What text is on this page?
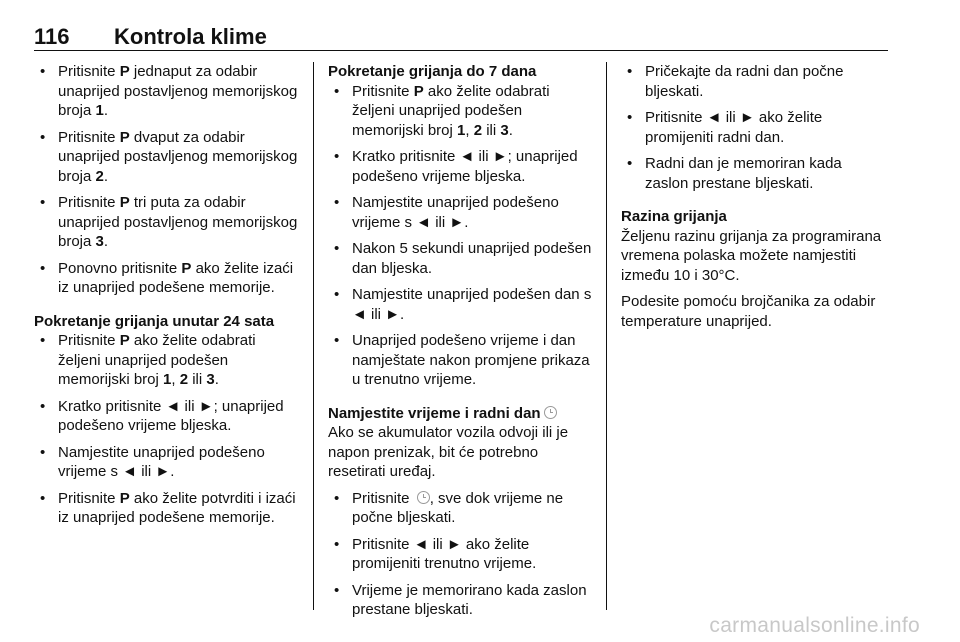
116 Kontrola klime
• Pritisnite P jednaput za odabir unaprijed postavljenog memorijskog broja 1.
• Pritisnite P dvaput za odabir unaprijed postavljenog memorijskog broja 2.
• Pritisnite P tri puta za odabir unaprijed postavljenog memorijskog broja 3.
• Ponovno pritisnite P ako želite izaći iz unaprijed podešene memorije.
Pokretanje grijanja unutar 24 sata
• Pritisnite P ako želite odabrati željeni unaprijed podešen memorijski broj 1, 2 ili 3.
• Kratko pritisnite ◄ ili ►; unaprijed podešeno vrijeme bljeska.
• Namjestite unaprijed podešeno vrijeme s ◄ ili ►.
• Pritisnite P ako želite potvrditi i izaći iz unaprijed podešene memorije.
Pokretanje grijanja do 7 dana
• Pritisnite P ako želite odabrati željeni unaprijed podešen memorijski broj 1, 2 ili 3.
• Kratko pritisnite ◄ ili ►; unaprijed podešeno vrijeme bljeska.
• Namjestite unaprijed podešeno vrijeme s ◄ ili ►.
• Nakon 5 sekundi unaprijed podešen dan bljeska.
• Namjestite unaprijed podešen dan s ◄ ili ►.
• Unaprijed podešeno vrijeme i dan namještate nakon promjene prikaza u trenutno vrijeme.
Namjestite vrijeme i radni dan
Ako se akumulator vozila odvoji ili je napon prenizak, bit će potrebno resetirati uređaj.
• Pritisnite , sve dok vrijeme ne počne bljeskati.
• Pritisnite ◄ ili ► ako želite promijeniti trenutno vrijeme.
• Vrijeme je memorirano kada zaslon prestane bljeskati.
• Pričekajte da radni dan počne bljeskati.
• Pritisnite ◄ ili ► ako želite promijeniti radni dan.
• Radni dan je memoriran kada zaslon prestane bljeskati.
Razina grijanja
Željenu razinu grijanja za programirana vremena polaska možete namjestiti između 10 i 30°C.
Podesite pomoću brojčanika za odabir temperature unaprijed.
carmanualsonline.info
